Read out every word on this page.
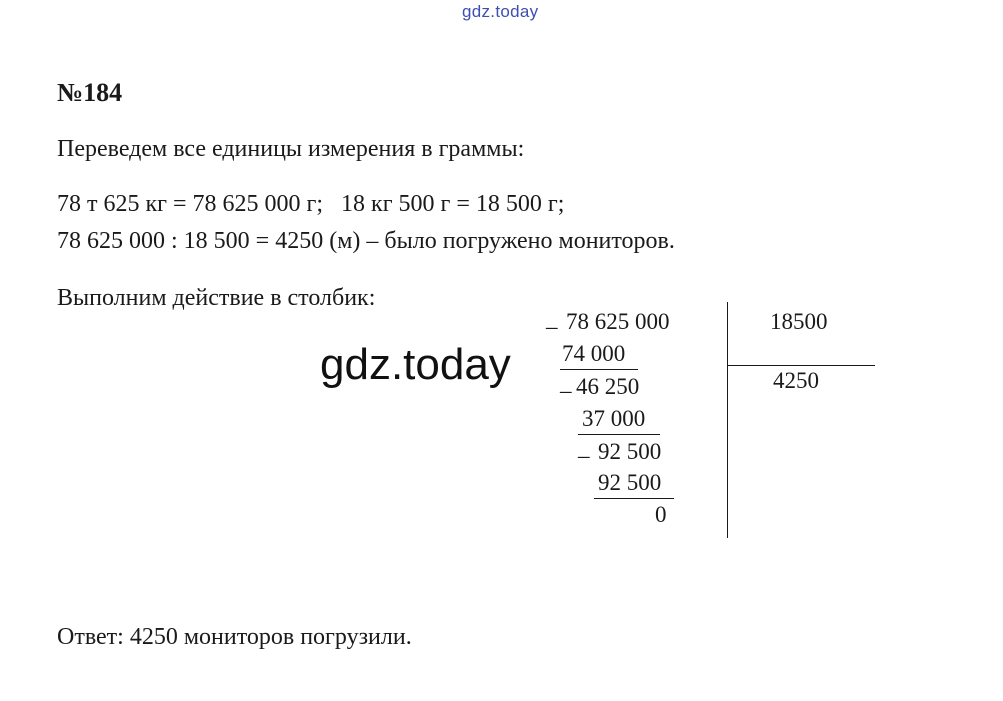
gdz.today
№184
Переведем все единицы измерения в граммы:
78 т 625 кг = 78 625 000 г;   18 кг 500 г = 18 500 г;
78 625 000 : 18 500 = 4250 (м) – было погружено мониторов.
Выполним действие в столбик:
_ 78 625 000	18500
4250
74 000
_ 46 250
37 000
_ 92 500
92 500
0
gdz.today
Ответ: 4250 мониторов погрузили.
